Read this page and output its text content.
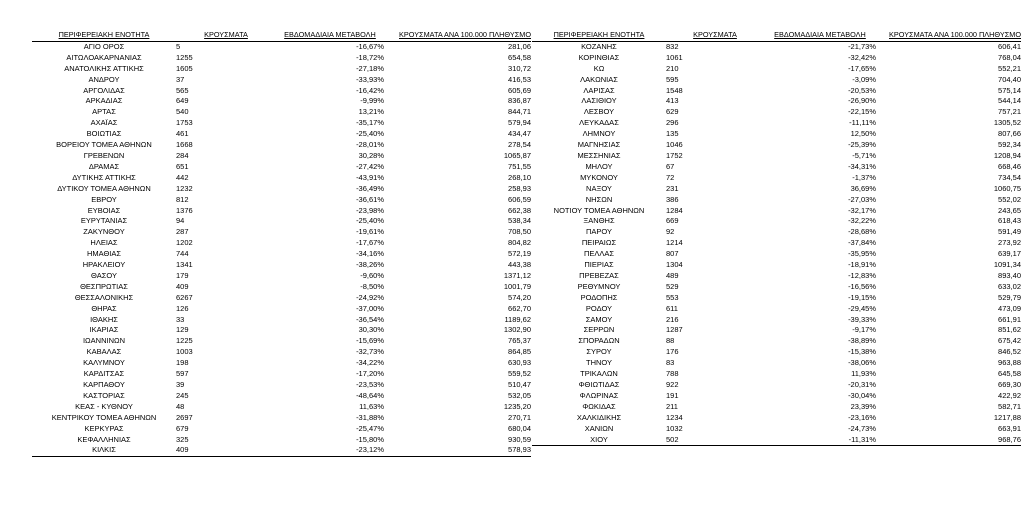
ΠΕΡΙΦΕΡΕΙΑΚΗ ΕΝΟΤΗΤΑ	ΚΡΟΥΣΜΑΤΑ	ΕΒΔΟΜΑΔΙΑΙΑ ΜΕΤΑΒΟΛΗ	ΚΡΟΥΣΜΑΤΑ ΑΝΑ 100.000 ΠΛΗΘΥΣΜΟ
ΑΓΙΟ ΟΡΟΣ	5	-16,67%	281,06
ΑΙΤΩΛΟΑΚΑΡΝΑΝΙΑΣ	1255	-18,72%	654,58
ΑΝΑΤΟΛΙΚΗΣ ΑΤΤΙΚΗΣ	1605	-27,18%	310,72
ΑΝΔΡΟΥ	37	-33,93%	416,53
ΑΡΓΟΛΙΔΑΣ	565	-16,42%	605,69
ΑΡΚΑΔΙΑΣ	649	-9,99%	836,87
ΑΡΤΑΣ	540	13,21%	844,71
ΑΧΑΪΑΣ	1753	-35,17%	579,94
ΒΟΙΩΤΙΑΣ	461	-25,40%	434,47
ΒΟΡΕΙΟΥ ΤΟΜΕΑ ΑΘΗΝΩΝ	1668	-28,01%	278,54
ΓΡΕΒΕΝΩΝ	284	30,28%	1065,87
ΔΡΑΜΑΣ	651	-27,42%	751,55
ΔΥΤΙΚΗΣ ΑΤΤΙΚΗΣ	442	-43,91%	268,10
ΔΥΤΙΚΟΥ ΤΟΜΕΑ ΑΘΗΝΩΝ	1232	-36,49%	258,93
ΕΒΡΟΥ	812	-36,61%	606,59
ΕΥΒΟΙΑΣ	1376	-23,98%	662,38
ΕΥΡΥΤΑΝΙΑΣ	94	-25,40%	538,34
ΖΑΚΥΝΘΟΥ	287	-19,61%	708,50
ΗΛΕΙΑΣ	1202	-17,67%	804,82
ΗΜΑΘΙΑΣ	744	-34,16%	572,19
ΗΡΑΚΛΕΙΟΥ	1341	-38,26%	443,38
ΘΑΣΟΥ	179	-9,60%	1371,12
ΘΕΣΠΡΩΤΙΑΣ	409	-8,50%	1001,79
ΘΕΣΣΑΛΟΝΙΚΗΣ	6267	-24,92%	574,20
ΘΗΡΑΣ	126	-37,00%	662,70
ΙΘΑΚΗΣ	33	-36,54%	1189,62
ΙΚΑΡΙΑΣ	129	30,30%	1302,90
ΙΩΑΝΝΙΝΩΝ	1225	-15,69%	765,37
ΚΑΒΑΛΑΣ	1003	-32,73%	864,85
ΚΑΛΥΜΝΟΥ	198	-34,22%	630,93
ΚΑΡΔΙΤΣΑΣ	597	-17,20%	559,52
ΚΑΡΠΑΘΟΥ	39	-23,53%	510,47
ΚΑΣΤΟΡΙΑΣ	245	-48,64%	532,05
ΚΕΑΣ - ΚΥΘΝΟΥ	48	11,63%	1235,20
ΚΕΝΤΡΙΚΟΥ ΤΟΜΕΑ ΑΘΗΝΩΝ	2697	-31,88%	270,71
ΚΕΡΚΥΡΑΣ	679	-25,47%	680,04
ΚΕΦΑΛΛΗΝΙΑΣ	325	-15,80%	930,59
ΚΙΛΚΙΣ	409	-23,12%	578,93
ΠΕΡΙΦΕΡΕΙΑΚΗ ΕΝΟΤΗΤΑ	ΚΡΟΥΣΜΑΤΑ	ΕΒΔΟΜΑΔΙΑΙΑ ΜΕΤΑΒΟΛΗ	ΚΡΟΥΣΜΑΤΑ ΑΝΑ 100.000 ΠΛΗΘΥΣΜΟ
ΚΟΖΑΝΗΣ	832	-21,73%	606,41
ΚΟΡΙΝΘΙΑΣ	1061	-32,42%	768,04
ΚΩ	210	-17,65%	552,21
ΛΑΚΩΝΙΑΣ	595	-3,09%	704,40
ΛΑΡΙΣΑΣ	1548	-20,53%	575,14
ΛΑΣΙΘΙΟΥ	413	-26,90%	544,14
ΛΕΣΒΟΥ	629	-22,15%	757,21
ΛΕΥΚΑΔΑΣ	296	-11,11%	1305,52
ΛΗΜΝΟΥ	135	12,50%	807,66
ΜΑΓΝΗΣΙΑΣ	1046	-25,39%	592,34
ΜΕΣΣΗΝΙΑΣ	1752	-5,71%	1208,94
ΜΗΛΟΥ	67	-34,31%	668,46
ΜΥΚΟΝΟΥ	72	-1,37%	734,54
ΝΑΞΟΥ	231	36,69%	1060,75
ΝΗΣΩΝ	386	-27,03%	552,02
ΝΟΤΙΟΥ ΤΟΜΕΑ ΑΘΗΝΩΝ	1284	-32,17%	243,65
ΞΑΝΘΗΣ	669	-32,22%	618,43
ΠΑΡΟΥ	92	-28,68%	591,49
ΠΕΙΡΑΙΩΣ	1214	-37,84%	273,92
ΠΕΛΛΑΣ	807	-35,95%	639,17
ΠΙΕΡΙΑΣ	1304	-18,91%	1091,34
ΠΡΕΒΕΖΑΣ	489	-12,83%	893,40
ΡΕΘΥΜΝΟΥ	529	-16,56%	633,02
ΡΟΔΟΠΗΣ	553	-19,15%	529,79
ΡΟΔΟΥ	611	-29,45%	473,09
ΣΑΜΟΥ	216	-39,33%	661,91
ΣΕΡΡΩΝ	1287	-9,17%	851,62
ΣΠΟΡΑΔΩΝ	88	-38,89%	675,42
ΣΥΡΟΥ	176	-15,38%	846,52
ΤΗΝΟΥ	83	-38,06%	963,88
ΤΡΙΚΑΛΩΝ	788	11,93%	645,58
ΦΘΙΩΤΙΔΑΣ	922	-20,31%	669,30
ΦΛΩΡΙΝΑΣ	191	-30,04%	422,92
ΦΩΚΙΔΑΣ	211	23,39%	582,71
ΧΑΛΚΙΔΙΚΗΣ	1234	-23,16%	1217,88
ΧΑΝΙΩΝ	1032	-24,73%	663,91
ΧΙΟΥ	502	-11,31%	968,76
